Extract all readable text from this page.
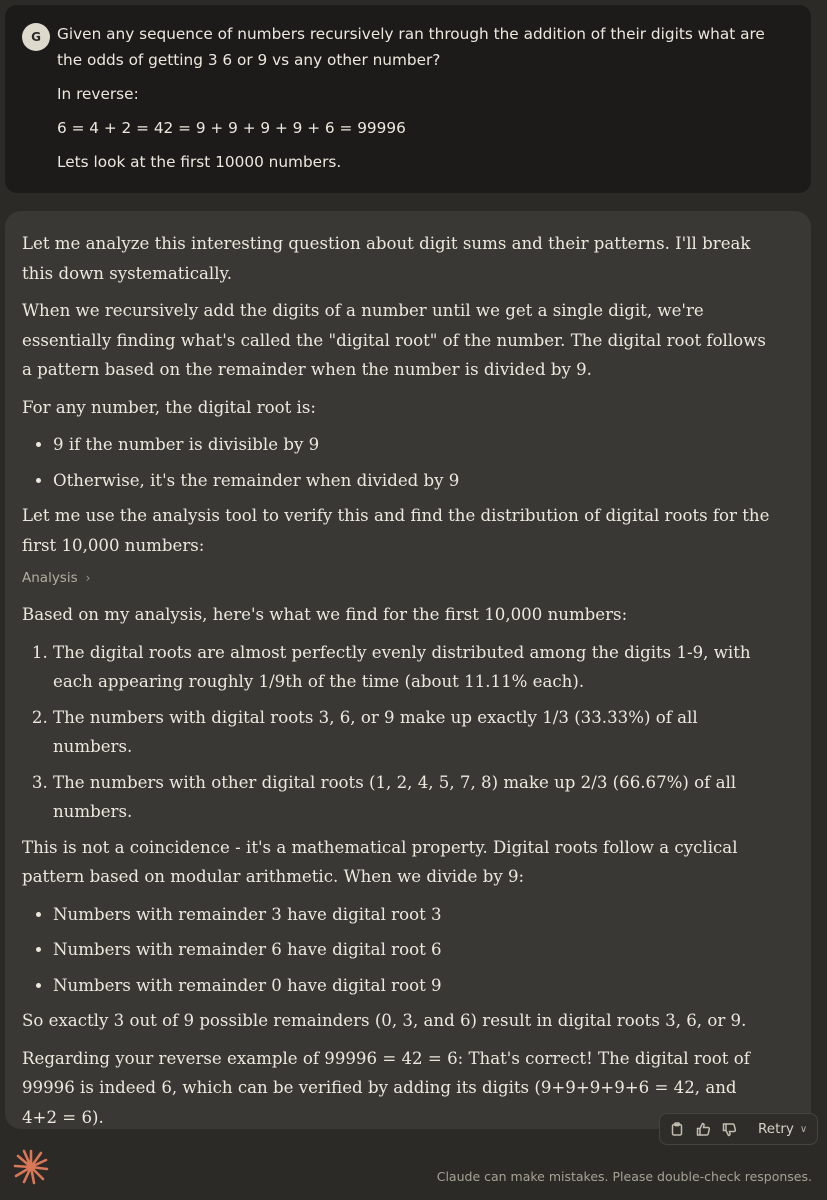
G	Given any sequence of numbers recursively ran through the addition of their digits what are the odds of getting 3 6 or 9 vs any other number?

In reverse:

6 = 4 + 2 = 42 = 9 + 9 + 9 + 9 + 6 = 99996

Lets look at the first 10000 numbers.

Let me analyze this interesting question about digit sums and their patterns. I'll break this down systematically.

When we recursively add the digits of a number until we get a single digit, we're essentially finding what's called the "digital root" of the number. The digital root follows a pattern based on the remainder when the number is divided by 9.

For any number, the digital root is:

• 9 if the number is divisible by 9
• Otherwise, it's the remainder when divided by 9

Let me use the analysis tool to verify this and find the distribution of digital roots for the first 10,000 numbers:

Analysis ›

Based on my analysis, here's what we find for the first 10,000 numbers:

1. The digital roots are almost perfectly evenly distributed among the digits 1-9, with each appearing roughly 1/9th of the time (about 11.11% each).
2. The numbers with digital roots 3, 6, or 9 make up exactly 1/3 (33.33%) of all numbers.
3. The numbers with other digital roots (1, 2, 4, 5, 7, 8) make up 2/3 (66.67%) of all numbers.

This is not a coincidence - it's a mathematical property. Digital roots follow a cyclical pattern based on modular arithmetic. When we divide by 9:

• Numbers with remainder 3 have digital root 3
• Numbers with remainder 6 have digital root 6
• Numbers with remainder 0 have digital root 9

So exactly 3 out of 9 possible remainders (0, 3, and 6) result in digital roots 3, 6, or 9.

Regarding your reverse example of 99996 = 42 = 6: That's correct! The digital root of 99996 is indeed 6, which can be verified by adding its digits (9+9+9+9+6 = 42, and 4+2 = 6).

Retry ∨
Claude can make mistakes. Please double-check responses.
